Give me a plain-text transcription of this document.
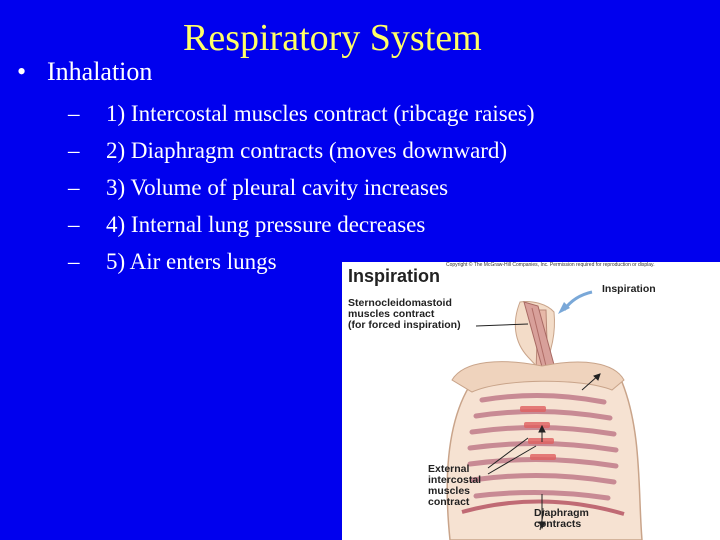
Respiratory System
• Inhalation
– 1) Intercostal muscles contract (ribcage raises)
– 2) Diaphragm contracts (moves downward)
– 3) Volume of pleural cavity increases
– 4) Internal lung pressure decreases
– 5) Air enters lungs	Copyright © The McGraw-Hill Companies, Inc. Permission required for reproduction or display.
Inspiration
Sternocleidomastoid
muscles contract
(for forced inspiration)
Inspiration
External
intercostal
muscles
contract
Diaphragm
contracts
